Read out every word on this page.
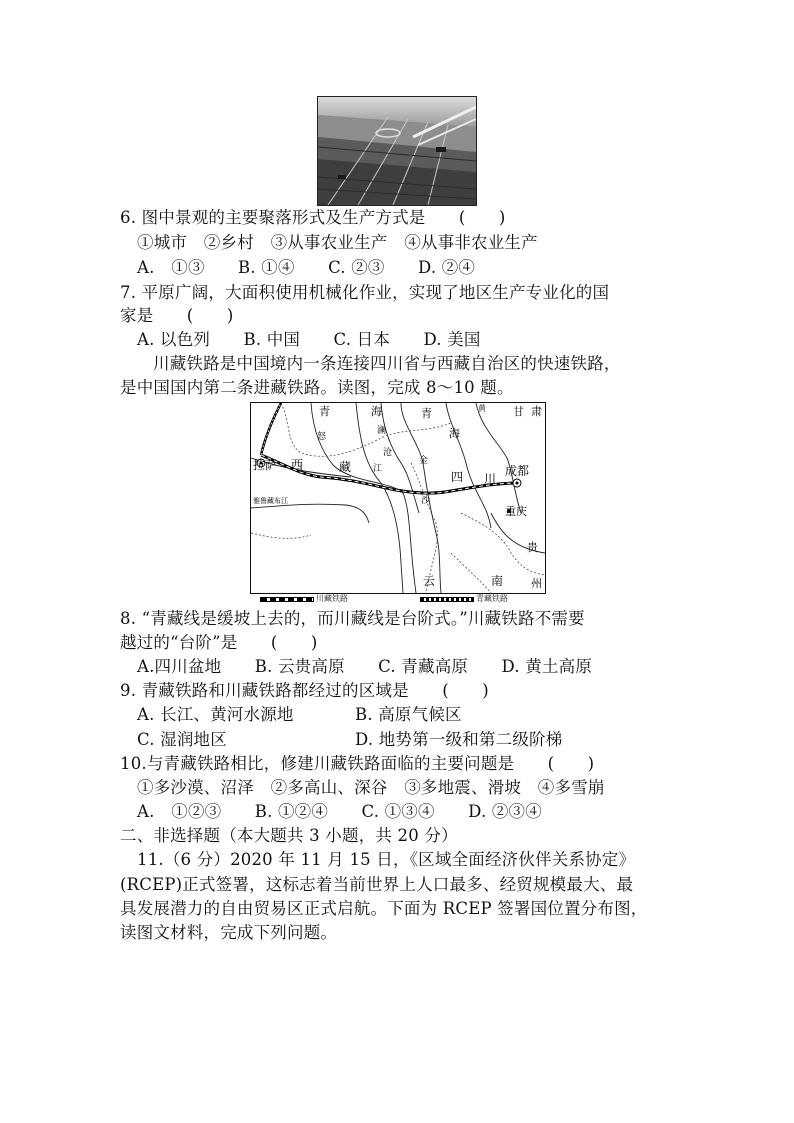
6. 图中景观的主要聚落形式及生产方式是　　(　　)
①城市　②乡村　③从事农业生产　④从事非农业生产
A.　①③　　B. ①④　　C. ②③　　D. ②④
7. 平原广阔，大面积使用机械化作业，实现了地区生产专业化的国
家是　　(　　)
A. 以色列　　B. 中国　　C. 日本　　D. 美国
川藏铁路是中国境内一条连接四川省与西藏自治区的快速铁路，
是中国国内第二条进藏铁路。读图，完成 8～10 题。
青	海	青
海
甘 肃
拉萨 西	藏
四 川
成都
重庆
云	南
贵
州
怒
澜
沧
江
金
沙
雅鲁藏布江
黄
川藏铁路	青藏铁路
8. “青藏线是缓坡上去的，而川藏线是台阶式。”川藏铁路不需要
越过的“台阶”是　　(　　)
A.四川盆地　　B. 云贵高原　　C. 青藏高原　　D. 黄土高原
9. 青藏铁路和川藏铁路都经过的区域是　　(　　)
A. 长江、黄河水源地	B. 高原气候区
C. 湿润地区	D. 地势第一级和第二级阶梯
10.与青藏铁路相比，修建川藏铁路面临的主要问题是　　(　　)
①多沙漠、沼泽　②多高山、深谷　③多地震、滑坡　④多雪崩
A.　①②③　　B. ①②④　　C. ①③④　　D. ②③④
二、非选择题（本大题共 3 小题，共 20 分）
11.（6 分）2020 年 11 月 15 日，《区域全面经济伙伴关系协定》
(RCEP)正式签署，这标志着当前世界上人口最多、经贸规模最大、最
具发展潜力的自由贸易区正式启航。下面为 RCEP 签署国位置分布图，
读图文材料，完成下列问题。
